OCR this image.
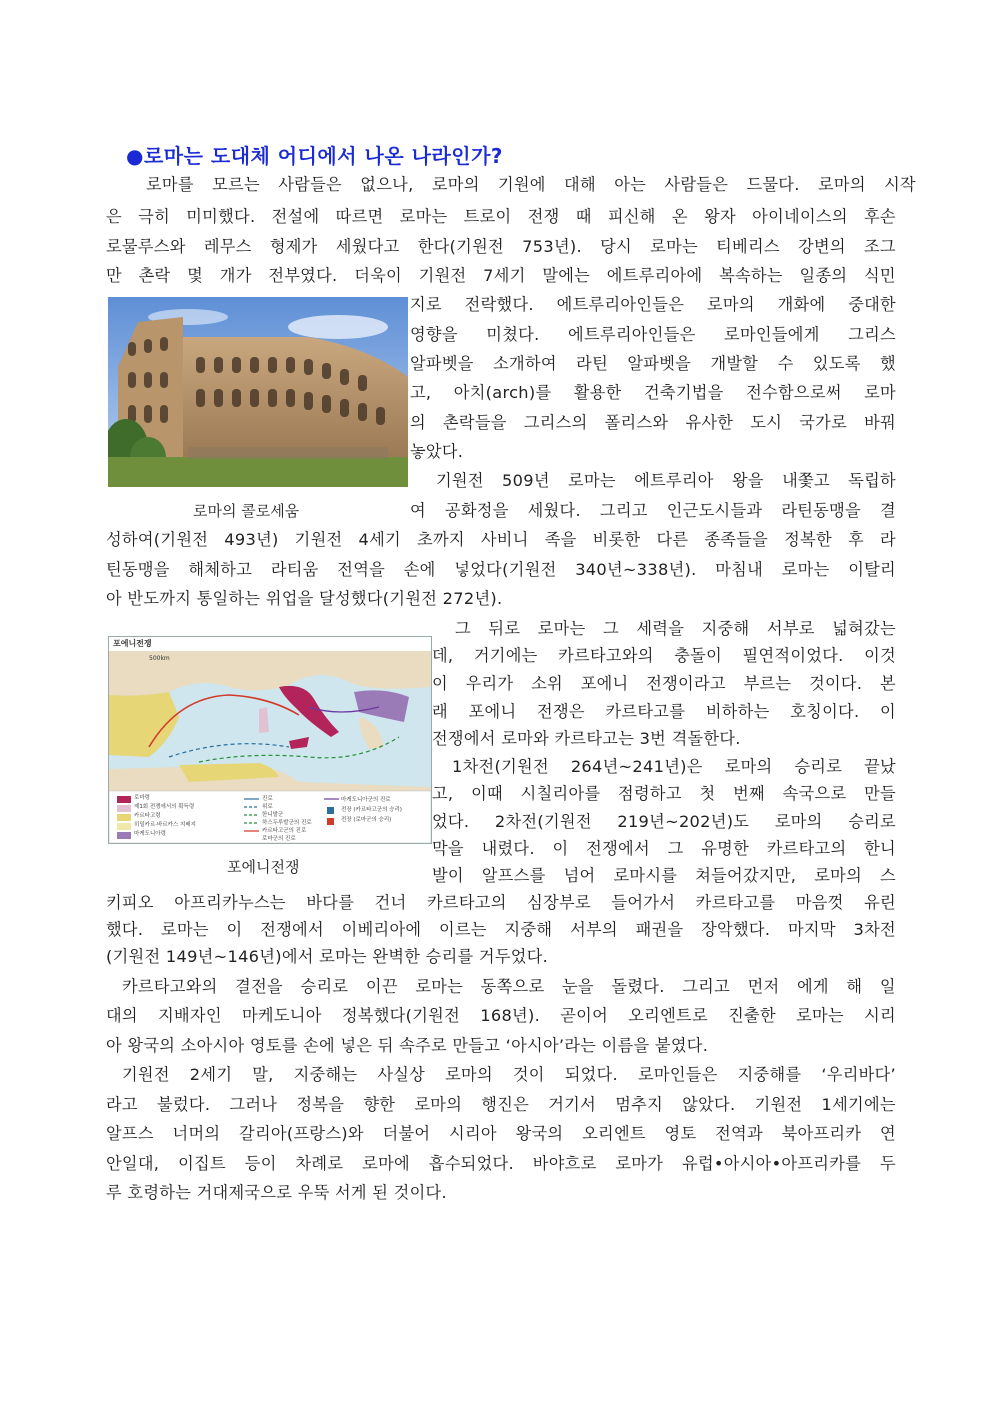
●로마는 도대체 어디에서 나온 나라인가?
로마를 모르는 사람들은 없으나, 로마의 기원에 대해 아는 사람들은 드물다. 로마의 시작
은 극히 미미했다. 전설에 따르면 로마는 트로이 전쟁 때 피신해 온 왕자 아이네이스의 후손
로물루스와 레무스 형제가 세웠다고 한다(기원전 753년). 당시 로마는 티베리스 강변의 조그
만 촌락 몇 개가 전부였다. 더욱이 기원전 7세기 말에는 에트루리아에 복속하는 일종의 식민
지로 전락했다. 에트루리아인들은 로마의 개화에 중대한
영향을 미쳤다. 에트루리아인들은 로마인들에게 그리스
알파벳을 소개하여 라틴 알파벳을 개발할 수 있도록 했
고, 아치(arch)를 활용한 건축기법을 전수함으로써 로마
의 촌락들을 그리스의 폴리스와 유사한 도시 국가로 바꿔
놓았다.
기원전 509년 로마는 에트루리아 왕을 내쫓고 독립하
여 공화정을 세웠다. 그리고 인근도시들과 라틴동맹을 결
성하여(기원전 493년) 기원전 4세기 초까지 사비니 족을 비롯한 다른 종족들을 정복한 후 라
틴동맹을 해체하고 라티움 전역을 손에 넣었다(기원전 340년∼338년). 마침내 로마는 이탈리
아 반도까지 통일하는 위업을 달성했다(기원전 272년).
그 뒤로 로마는 그 세력을 지중해 서부로 넓혀갔는
데, 거기에는 카르타고와의 충돌이 필연적이었다. 이것
이 우리가 소위 포에니 전쟁이라고 부르는 것이다. 본
래 포에니 전쟁은 카르타고를 비하하는 호칭이다. 이
전쟁에서 로마와 카르타고는 3번 격돌한다.
1차전(기원전 264년∼241년)은 로마의 승리로 끝났
고, 이때 시칠리아를 점령하고 첫 번째 속국으로 만들
었다. 2차전(기원전 219년∼202년)도 로마의 승리로
막을 내렸다. 이 전쟁에서 그 유명한 카르타고의 한니
발이 알프스를 넘어 로마시를 쳐들어갔지만, 로마의 스
키피오 아프리카누스는 바다를 건너 카르타고의 심장부로 들어가서 카르타고를 마음껏 유린
했다. 로마는 이 전쟁에서 이베리아에 이르는 지중해 서부의 패권을 장악했다. 마지막 3차전
(기원전 149년∼146년)에서 로마는 완벽한 승리를 거두었다.
카르타고와의 결전을 승리로 이끈 로마는 동쪽으로 눈을 돌렸다. 그리고 먼저 에게 해 일
대의 지배자인 마케도니아 정복했다(기원전 168년). 곧이어 오리엔트로 진출한 로마는 시리
아 왕국의 소아시아 영토를 손에 넣은 뒤 속주로 만들고 ‘아시아’라는 이름을 붙였다.
기원전 2세기 말, 지중해는 사실상 로마의 것이 되었다. 로마인들은 지중해를 ‘우리바다’
라고 불렀다. 그러나 정복을 향한 로마의 행진은 거기서 멈추지 않았다. 기원전 1세기에는
알프스 너머의 갈리아(프랑스)와 더불어 시리아 왕국의 오리엔트 영토 전역과 북아프리카 연
안일대, 이집트 등이 차례로 로마에 흡수되었다. 바야흐로 로마가 유럽•아시아•아프리카를 두
루 호령하는 거대제국으로 우뚝 서게 된 것이다.
로마의 콜로세움
포에니전쟁
500km
로마령
제1회 전쟁에서의 획득령
카르타고령
히밀카르·바르카스 지배지
마케도니아령
진로
위로
한니발군
하스두루발군의 진로
카르타고군의 진로
로마군의 진로
마케도니아군의 진로
전장 (카르타고군의 승리)
전장 (로마군의 승리)
포에니전쟁
